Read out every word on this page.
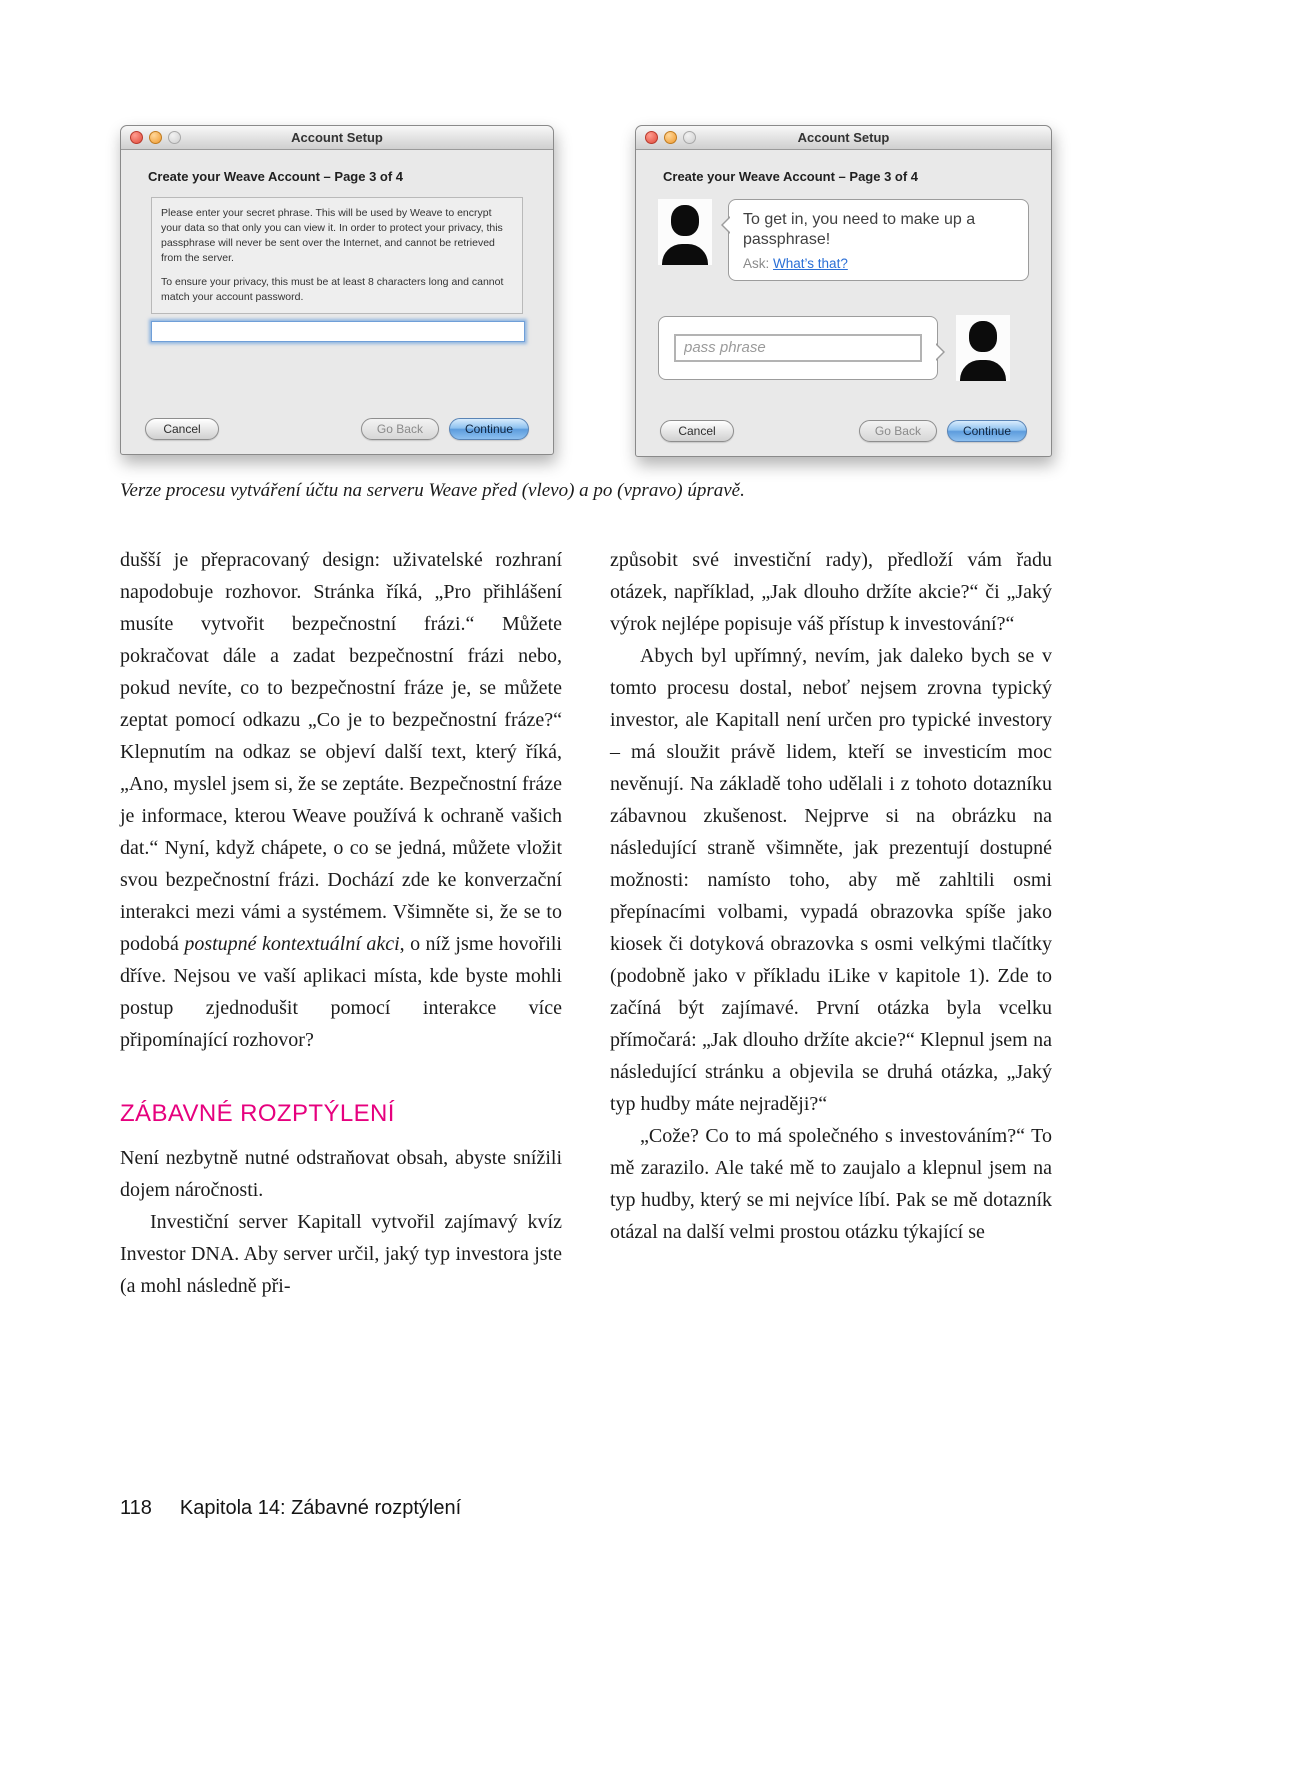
Account Setup
Create your Weave Account – Page 3 of 4

Please enter your secret phrase. This will be used by Weave to encrypt your data so that only you can view it. In order to protect your privacy, this passphrase will never be sent over the Internet, and cannot be retrieved from the server.

To ensure your privacy, this must be at least 8 characters long and cannot match your account password.

Cancel	Go Back	Continue
Account Setup
Create your Weave Account – Page 3 of 4
To get in, you need to make up a passphrase!
Ask: What’s that?
pass phrase
Cancel	Go Back	Continue

Verze procesu vytváření účtu na serveru Weave před (vlevo) a po (vpravo) úpravě.

dušší je přepracovaný design: uživatelské rozhraní napodobuje rozhovor. Stránka říká, „Pro přihlášení musíte vytvořit bezpečnostní frázi.“ Můžete pokračovat dále a zadat bezpečnostní frázi nebo, pokud nevíte, co to bezpečnostní fráze je, se můžete zeptat pomocí odkazu „Co je to bezpečnostní fráze?“ Klepnutím na odkaz se objeví další text, který říká, „Ano, myslel jsem si, že se zeptáte. Bezpečnostní fráze je informace, kterou Weave používá k ochraně vašich dat.“ Nyní, když chápete, o co se jedná, můžete vložit svou bezpečnostní frázi. Dochází zde ke konverzační interakci mezi vámi a systémem. Všimněte si, že se to podobá postupné kontextuální akci, o níž jsme hovořili dříve. Nejsou ve vaší aplikaci místa, kde byste mohli postup zjednodušit pomocí interakce více připomínající rozhovor?

ZÁBAVNÉ ROZPTÝLENÍ

Není nezbytně nutné odstraňovat obsah, abyste snížili dojem náročnosti.

Investiční server Kapitall vytvořil zajímavý kvíz Investor DNA. Aby server určil, jaký typ investora jste (a mohl následně při-

způsobit své investiční rady), předloží vám řadu otázek, například, „Jak dlouho držíte akcie?“ či „Jaký výrok nejlépe popisuje váš přístup k investování?“

Abych byl upřímný, nevím, jak daleko bych se v tomto procesu dostal, neboť nejsem zrovna typický investor, ale Kapitall není určen pro typické investory – má sloužit právě lidem, kteří se investicím moc nevěnují. Na základě toho udělali i z tohoto dotazníku zábavnou zkušenost. Nejprve si na obrázku na následující straně všimněte, jak prezentují dostupné možnosti: namísto toho, aby mě zahltili osmi přepínacími volbami, vypadá obrazovka spíše jako kiosek či dotyková obrazovka s osmi velkými tlačítky (podobně jako v příkladu iLike v kapitole 1). Zde to začíná být zajímavé. První otázka byla vcelku přímočará: „Jak dlouho držíte akcie?“ Klepnul jsem na následující stránku a objevila se druhá otázka, „Jaký typ hudby máte nejraději?“

„Cože? Co to má společného s investováním?“ To mě zarazilo. Ale také mě to zaujalo a klepnul jsem na typ hudby, který se mi nejvíce líbí. Pak se mě dotazník otázal na další velmi prostou otázku týkající se

118 Kapitola 14: Zábavné rozptýlení
